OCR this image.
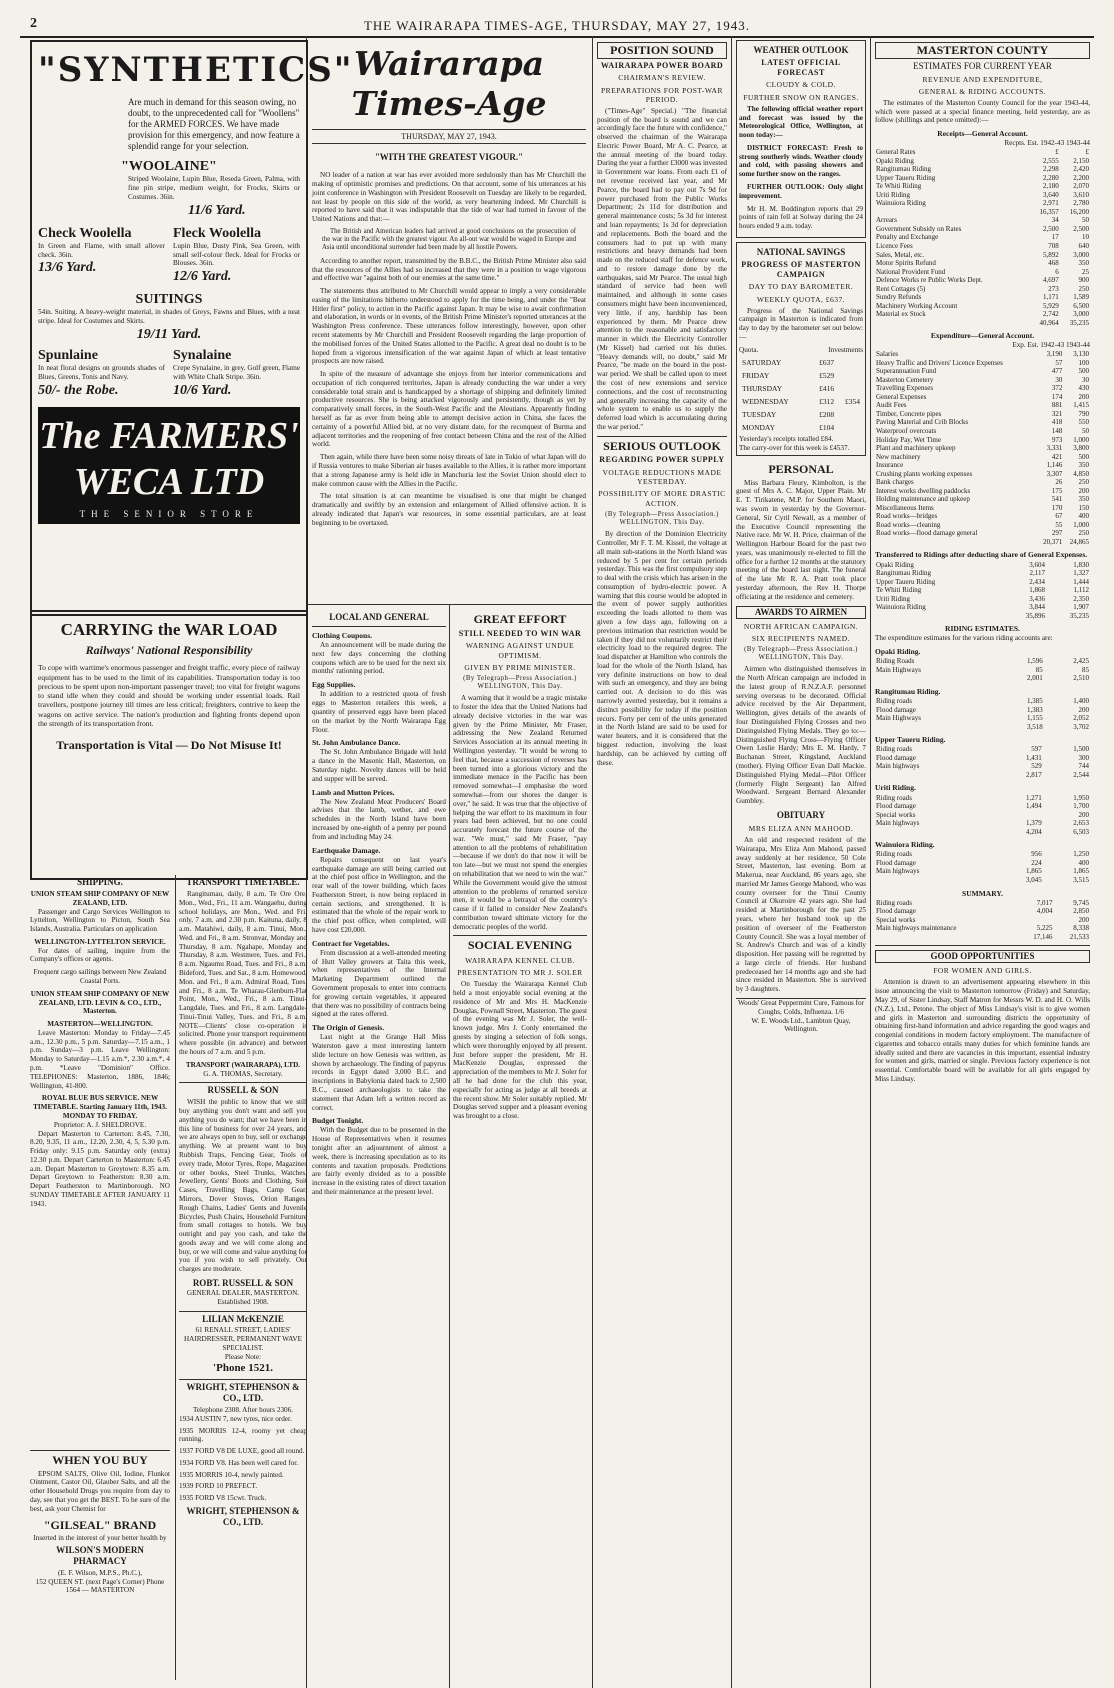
2	THE WAIRARAPA TIMES-AGE, THURSDAY, MAY 27, 1943.
"SYNTHETICS"
Are much in demand for this season owing, no doubt, to the unprecedented call for "Woollens" for the ARMED FORCES. We have made provision for this emergency, and now feature a splendid range for your selection.
"WOOLAINE"
Striped Woolaine, Lupin Blue, Reseda Green, Palma, with fine pin stripe, medium weight, for Frocks, Skirts or Costumes. 36in.
11/6 Yard.
Check Woolella
In Green and Flame, with small allover check. 36in.
13/6 Yard.
Fleck Woolella
Lupin Blue, Dusty Pink, Sea Green, with small self-colour fleck. Ideal for Frocks or Blouses. 36in.
12/6 Yard.
SUITINGS
54in. Suiting. A heavy-weight material, in shades of Greys, Fawns and Blues, with a neat stripe. Ideal for Costumes and Skirts.
19/11 Yard.
Spunlaine
In neat floral designs on grounds shades of Blues, Greens, Tonis and Navy.
50/- the Robe.
Synalaine
Crepe Synalaine, in grey. Golf green, Flame with White Chalk Stripe. 36in.
10/6 Yard.
The FARMERS' WECA LTD
THE SENIOR STORE
CARRYING the WAR LOAD
Railways' National Responsibility
To cope with wartime's enormous passenger and freight traffic, every piece of railway equipment has to be used to the limit of its capabilities. Transportation today is too precious to be spent upon non-important passenger travel; too vital for freight wagons to stand idle when they could and should be working under essential loads. Rail travellers, postpone journey till times are less critical; freighters, contrive to keep the wagons on active service. The nation's production and fighting fronts depend upon the strength of its transportation front.
Transportation is Vital — Do Not Misuse It!
SHIPPING.
UNION STEAM SHIP COMPANY OF NEW ZEALAND, LTD.

Passenger and Cargo Services Wellington to Lyttelton, Wellington to Picton, South Sea Islands, Australia. Particulars on application

WELLINGTON-LYTTELTON SERVICE.

For dates of sailing, inquire from the Company's offices or agents.

Frequent cargo sailings between New Zealand Coastal Ports.
UNION STEAM SHIP COMPANY OF NEW ZEALAND, LTD. LEVIN & CO., LTD., Masterton.
MASTERTON—WELLINGTON.

Leave Masterton: Monday to Friday—7.45 a.m., 12.30 p.m., 5 p.m. Saturday—7.15 a.m., 1 p.m. Sunday—3 p.m. Leave Wellington: Monday to Saturday—1.15 a.m.*, 2.30 a.m.*, 4 p.m. *Leave "Dominion" Office. TELEPHONES: Masterton, 1886, 1846; Wellington, 41-800.

ROYAL BLUE BUS SERVICE. NEW TIMETABLE. Starting January 11th, 1943. MONDAY TO FRIDAY.
Proprietor: A. J. SHELDROVE.

Depart Masterton to Carterton: 8.45, 7.30, 8.20, 9.35, 11 a.m., 12.20, 2.30, 4, 5, 5.30 p.m. Friday only: 9.15 p.m. Saturday only (extra) 12.30 p.m. Depart Carterton to Masterton: 6.45 a.m. Depart Masterton to Greytown: 8.35 a.m. Depart Greytown to Featherston: 8.30 a.m. Depart Featherston to Martinborough. NO SUNDAY TIMETABLE AFTER JANUARY 11 1943.

WHEN YOU BUY

EPSOM SALTS, Olive Oil, Iodine, Flunkot Ointment, Castor Oil, Glauber Salts, and all the other Household Drugs you require from day to day, see that you get the BEST. To be sure of the best, ask your Chemist for

"GILSEAL" BRAND
Inserted in the interest of your better health by
WILSON'S MODERN PHARMACY
(E. F. Wilson, M.P.S., Ph.C.),
152 QUEEN ST. (next Page's Corner) Phone 1564 — MASTERTON
TRANSPORT TIMETABLE.

Rangitumau, daily, 8 a.m. Te Ore Ore, Mon., Wed., Fri., 11 a.m. Wangaehu, during school holidays, are Mon., Wed. and Fri. only, 7 a.m. and 2.30 p.m. Kaituna, daily, 8 a.m. Matahiwi, daily, 8 a.m. Tinui, Mon., Wed. and Fri., 8 a.m. Stronvar, Monday and Thursday, 8 a.m. Ngahape, Monday and Thursday, 8 a.m. Westmere, Tues. and Fri., 8 a.m. Ngaumu Road, Tues. and Fri., 8 a.m. Bideford, Tues. and Sat., 8 a.m. Homewood, Mon. and Fri., 8 a.m. Admiral Road, Tues. and Fri., 8 a.m. Te Wharau-Glenburn-Flat Point, Mon., Wed., Fri., 8 a.m. Tinui-Langdale, Tues. and Fri., 8 a.m. Langdale-Tinui-Tinui Valley, Tues. and Fri., 8 a.m. NOTE—Clients' close co-operation is solicited. Phone your transport requirements where possible (in advance) and between the hours of 7 a.m. and 5 p.m.

TRANSPORT (WAIRARAPA), LTD.
G. A. THOMAS, Secretary.
RUSSELL & SON

WISH the public to know that we still buy anything you don't want and sell you anything you do want; that we have been in this line of business for over 24 years, and we are always open to buy, sell or exchange anything. We at present want to buy Rubbish Traps, Fencing Gear, Tools of every trade, Motor Tyres, Rope, Magazines or other books, Steel Trunks, Watches, Jewellery, Gents' Boots and Clothing, Suit Cases, Travelling Bags, Camp Gear, Mirrors, Dover Stoves, Orion Ranges, Rough Chains, Ladies' Gents and Juvenile Bicycles, Push Chairs, Household Furniture from small cottages to hotels. We buy outright and pay you cash, and take the goods away and we will come along and buy, or we will come and value anything for you if you wish to sell privately. Our charges are moderate.

ROBT. RUSSELL & SON
GENERAL DEALER, MASTERTON. Established 1908.
LILIAN McKENZIE
61 RENALL STREET, LADIES' HAIRDRESSER, PERMANENT WAVE SPECIALIST.
Please Note:
'Phone 1521.
WRIGHT, STEPHENSON & CO., LTD.
Telephone 2308. After hours 2306.
1934 AUSTIN 7, new tyres, nice order.
1935 MORRIS 12-4, roomy yet cheap running.
1937 FORD V8 DE LUXE, good all round.
1934 FORD V8. Has been well cared for.
1935 MORRIS 10-4, newly painted.
1939 FORD 10 PREFECT.
1935 FORD V8 15cwt. Truck.
WRIGHT, STEPHENSON & CO., LTD.
Wairarapa Times-Age
THURSDAY, MAY 27, 1943.
"WITH THE GREATEST VIGOUR."

NO leader of a nation at war has ever avoided more sedulously than has Mr Churchill the making of optimistic promises and predictions. On that account, some of his utterances at his joint conference in Washington with President Roosevelt on Tuesday are likely to be regarded, not least by people on this side of the world, as very heartening indeed. Mr Churchill is reported to have said that it was indisputable that the tide of war had turned in favour of the United Nations and that:—

The British and American leaders had arrived at good conclusions on the prosecution of the war in the Pacific with the greatest vigour. An all-out war would be waged in Europe and Asia until unconditional surrender had been made by all hostile Powers.

According to another report, transmitted by the B.B.C., the British Prime Minister also said that the resources of the Allies had so increased that they were in a position to wage vigorous and effective war "against both of our enemies at the same time."

The statements thus attributed to Mr Churchill would appear to imply a very considerable easing of the limitations hitherto understood to apply for the time being, and under the "Beat Hitler first" policy, to action in the Pacific against Japan. It may be wise to await confirmation and elaboration, in words or in events, of the British Prime Minister's reported utterances at the Washington Press conference. These utterances follow interestingly, however, upon other recent statements by Mr Churchill and President Roosevelt regarding the large proportion of the mobilised forces of the United States allotted to the Pacific. A great deal no doubt is to be hoped from a vigorous intensification of the war against Japan of which at least tentative prospects are now raised.

In spite of the measure of advantage she enjoys from her interior communications and occupation of rich conquered territories, Japan is already conducting the war under a very considerable total strain and is handicapped by a shortage of shipping and definitely limited productive resources. She is being attacked vigorously and persistently, though as yet by comparatively small forces, in the South-West Pacific and the Aleutians. Apparently finding herself as far as ever from being able to attempt decisive action in China, she faces the certainty of a powerful Allied bid, at no very distant date, for the reconquest of Burma and adjacent territories and the reopening of free contact between China and the rest of the Allied world.

Then again, while there have been some noisy threats of late in Tokio of what Japan will do if Russia ventures to make Siberian air bases available to the Allies, it is rather more important that a strong Japanese army is held idle in Manchuria lest the Soviet Union should elect to make common cause with the Allies in the Pacific.

The total situation is at can meantime be visualised is one that might be changed dramatically and swiftly by an extension and enlargement of Allied offensive action. It is already indicated that Japan's war resources, in some essential particulars, are at least beginning to be overtaxed.

LOCAL AND GENERAL
Clothing Coupons.

An announcement will be made during the next few days concerning the clothing coupons which are to be used for the next six months' rationing period.

Egg Supplies.

In addition to a restricted quota of fresh eggs to Masterton retailers this week, a quantity of preserved eggs have been placed on the market by the North Wairarapa Egg Floor.

St. John Ambulance Dance.

The St. John Ambulance Brigade will hold a dance in the Masonic Hall, Masterton, on Saturday night. Novelty dances will be held and supper will be served.

Lamb and Mutton Prices.

The New Zealand Meat Producers' Board advises that the lamb, wether, and ewe schedules in the North Island have been increased by one-eighth of a penny per pound from and including May 24.

Earthquake Damage.

Repairs consequent on last year's earthquake damage are still being carried out at the chief post office in Wellington, and the rear wall of the tower building, which faces Featherston Street, is now being replaced in certain sections, and strengthened. It is estimated that the whole of the repair work to the chief post office, when completed, will have cost £20,000.

Contract for Vegetables.

From discussion at a well-attended meeting of Hutt Valley growers at Taita this week, when representatives of the Internal Marketing Department outlined the Government proposals to enter into contracts for growing certain vegetables, it appeared that there was no possibility of contracts being signed at the rates offered.

The Origin of Genesis.

Last night at the Grange Hall Miss Waterston gave a most interesting lantern slide lecture on how Genesis was written, as shown by archaeology. The finding of papyrus records in Egypt dated 3,000 B.C. and inscriptions in Babylonia dated back to 2,500 B.C., caused archaeologists to take the statement that Adam left a written record as correct.

Budget Tonight.

With the Budget due to be presented in the House of Representatives when it resumes tonight after an adjournment of almost a week, there is increasing speculation as to its contents and taxation proposals. Predictions are fairly evenly divided as to a possible increase in the existing rates of direct taxation and their maintenance at the present level.

GREAT EFFORT
STILL NEEDED TO WIN WAR
WARNING AGAINST UNDUE OPTIMISM.
GIVEN BY PRIME MINISTER.
(By Telegraph—Press Association.) WELLINGTON, This Day.

A warning that it would be a tragic mistake to foster the idea that the United Nations had already decisive victories in the war was given by the Prime Minister, Mr Fraser, addressing the New Zealand Returned Services Association at its annual meeting in Wellington yesterday. "It would be wrong to feel that, because a succession of reverses has been turned into a glorious victory and the immediate menace in the Pacific has been removed somewhat—I emphasise the word somewhat—from our shores the danger is over," he said. It was true that the objective of helping the war effort to its maximum in four years had been achieved, but no one could accurately forecast the future course of the war. "We must," said Mr Fraser, "pay attention to all the problems of rehabilitation—because if we don't do that now it will be too late—but we must not spend the energies on rehabilitation that we need to win the war." While the Government would give the utmost attention to the problems of returned service men, it would be a betrayal of the country's cause if it failed to consider New Zealand's contribution toward ultimate victory for the democratic peoples of the world.

SOCIAL EVENING
WAIRARAPA KENNEL CLUB.
PRESENTATION TO MR J. SOLER

On Tuesday the Wairarapa Kennel Club held a most enjoyable social evening at the residence of Mr and Mrs H. MacKenzie Douglas, Pownall Street, Masterton. The guest of the evening was Mr J. Soler, the well-known judge. Mrs J. Conly entertained the guests by singing a selection of folk songs, which were thoroughly enjoyed by all present. Just before supper the president, Mr H. MacKenzie Douglas, expressed the appreciation of the members to Mr J. Soler for all he had done for the club this year, especially for acting as judge at all breeds at the recent show. Mr Soler suitably replied. Mr Douglas served supper and a pleasant evening was brought to a close.

POSITION SOUND
WAIRARAPA POWER BOARD
CHAIRMAN'S REVIEW.
PREPARATIONS FOR POST-WAR PERIOD.

("Times-Age" Special.) "The financial position of the board is sound and we can accordingly face the future with confidence," observed the chairman of the Wairarapa Electric Power Board, Mr A. C. Pearce, at the annual meeting of the board today. During the year a further £3000 was invested in Government war loans. From each £1 of net revenue received last year, and Mr Pearce, the board had to pay out 7s 9d for power purchased from the Public Works Department; 2s 11d for distribution and general maintenance costs; 5s 3d for interest and loan repayments; 1s 3d for depreciation and replacements. Both the board and the consumers had to put up with many restrictions and heavy demands had been made on the reduced staff for defence work, and to restore damage done by the earthquakes, said Mr Pearce. The usual high standard of service had been well maintained, and although in some cases consumers might have been inconvenienced, very little, if any, hardship has been experienced by them. Mr Pearce drew attention to the reasonable and satisfactory manner in which the Electricity Controller (Mr Kissel) had carried out his duties. "Heavy demands will, no doubt," said Mr Pearce, "be made on the board in the post-war period. We shall be called upon to meet the cost of new extensions and service connections, and the cost of reconstructing and generally increasing the capacity of the whole system to enable us to supply the deferred load which is accumulating during the war period."

SERIOUS OUTLOOK
REGARDING POWER SUPPLY
VOLTAGE REDUCTIONS MADE YESTERDAY.
POSSIBILITY OF MORE DRASTIC ACTION.
(By Telegraph—Press Association.) WELLINGTON, This Day.

By direction of the Dominion Electricity Controller, Mr F. T. M. Kissel, the voltage at all main sub-stations in the North Island was reduced by 5 per cent for certain periods yesterday. This was the first compulsory step to deal with the crisis which has arisen in the consumption of hydro-electric power. A warning that this course would be adopted in the event of power supply authorities exceeding the loads allotted to them was given a few days ago, following on a previous intimation that restriction would be taken if they did not voluntarily restrict their electricity load to the required degree. The load dispatcher at Hamilton who controls the load for the whole of the North Island, has very definite instructions on how to deal with such an emergency, and they are being carried out. A decision to do this was narrowly averted yesterday, but it remains a distinct possibility for today if the position recurs. Forty per cent of the units generated in the North Island are said to be used for water heaters, and it is considered that the biggest reduction, involving the least hardship, can be achieved by cutting off these.

WEATHER OUTLOOK
LATEST OFFICIAL FORECAST
CLOUDY & COLD.
FURTHER SNOW ON RANGES.

The following official weather report and forecast was issued by the Meteorological Office, Wellington, at noon today:—

DISTRICT FORECAST: Fresh to strong southerly winds. Weather cloudy and cold, with passing showers and some further snow on the ranges.

FURTHER OUTLOOK: Only slight improvement.

Mr H. M. Boddington reports that 29 points of rain fell at Solway during the 24 hours ended 9 a.m. today.

NATIONAL SAVINGS
PROGRESS OF MASTERTON CAMPAIGN
DAY TO DAY BAROMETER.
WEEKLY QUOTA, £637.

Progress of the National Savings campaign in Masterton is indicated from day to day by the barometer set out below:—

Quota.	Investments
SATURDAY	£637	
FRIDAY	£529	
THURSDAY	£416	
WEDNESDAY	£312	£354
TUESDAY	£208	
MONDAY	£104	
Yesterday's receipts totalled £84.
The carry-over for this week is £4537.
PERSONAL

Miss Barbara Fleury, Kimbolton, is the guest of Mrs A. C. Major, Upper Plain. Mr E. T. Tirikatene, M.P. for Southern Maori, was sworn in yesterday by the Governor-General, Sir Cyril Newall, as a member of the Executive Council representing the Native race. Mr W. H. Price, chairman of the Wellington Harbour Board for the past two years, was unanimously re-elected to fill the office for a further 12 months at the statutory meeting of the board last night. The funeral of the late Mr R. A. Pratt took place yesterday afternoon, the Rev H. Thorpe officiating at the residence and cemetery.

AWARDS TO AIRMEN
NORTH AFRICAN CAMPAIGN.
SIX RECIPIENTS NAMED.
(By Telegraph—Press Association.) WELLINGTON, This Day.

Airmen who distinguished themselves in the North African campaign are included in the latest group of R.N.Z.A.F. personnel serving overseas to be decorated. Official advice received by the Air Department, Wellington, gives details of the awards of four Distinguished Flying Crosses and two Distinguished Flying Medals. They go to:— Distinguished Flying Cross—Flying Officer Owen Leslie Hardy; Mrs E. M. Hardy, 7 Buchanan Street, Kingsland, Auckland (mother). Flying Officer Evan Dall Mackie. Distinguished Flying Medal—Pilot Officer (formerly Flight Sergeant) Ian Alfred Woodward. Sergeant Bernard Alexander Gumbley.

OBITUARY
MRS ELIZA ANN MAHOOD.

An old and respected resident of the Wairarapa, Mrs Eliza Ann Mahood, passed away suddenly at her residence, 50 Cole Street, Masterton, last evening. Born at Makerua, near Auckland, 86 years ago, she married Mr James George Mahood, who was county overseer for the Tinui County Council at Okoroire 42 years ago. She had resided at Martinborough for the past 25 years, where her husband took up the position of overseer of the Featherston County Council. She was a loyal member of St. Andrew's Church and was of a kindly disposition. Her passing will be regretted by a large circle of friends. Her husband predeceased her 14 months ago and she had since resided in Masterton. She is survived by 3 daughters.

Woods' Great Peppermint Cure, Famous for Coughs, Colds, Influenza. 1/6
W. E. Woods Ltd., Lambton Quay, Wellington.
MASTERTON COUNTY
ESTIMATES FOR CURRENT YEAR
REVENUE AND EXPENDITURE,
GENERAL & RIDING ACCOUNTS.

The estimates of the Masterton County Council for the year 1943-44, which were passed at a special finance meeting, held yesterday, are as follow (shillings and pence omitted):—

Receipts—General Account.
Recpts. Est. 1942-43 1943-44
General Rates	£	£
Opaki Riding	2,555	2,150
Rangitumau Riding	2,298	2,420
Upper Taueru Riding	2,280	2,200
Te Whiti Riding	2,180	2,070
Uriti Riding	3,640	3,610
Wainuiora Riding	2,971	2,780
	16,357	16,200
Arrears	34	50
Government Subsidy on Rates	2,500	2,500
Penalty and Exchange	17	10
Licence Fees	708	640
Sales, Metal, etc.	5,892	3,000
Motor Spirits Refund	468	350
National Provident Fund	6	25
Defence Works re Public Works Dept.	4,697	900
Rent Cottages (5)	273	250
Sundry Refunds	1,171	1,589
Machinery Working Account	5,929	6,500
Material ex Stock	2,742	3,000
	40,964	35,235
Expenditure—General Account.
Exp. Est. 1942-43 1943-44
Salaries	3,190	3,130
Heavy Traffic and Drivers' Licence Expenses	57	100
Superannuation Fund	477	500
Masterton Cemetery	30	30
Travelling Expenses	372	430
General Expenses	174	200
Audit Fees	881	1,415
Timber, Concrete pipes	321	790
Paving Material and Crib Blocks	418	550
Waterproof overcoats	148	50
Holiday Pay, Wet Time	973	1,000
Plant and machinery upkeep	3,331	3,800
New machinery	421	500
Insurance	1,146	350
Crushing plants working expenses	3,307	4,850
Bank charges	26	250
Interest works dwelling paddocks	175	200
Holding maintenance and upkeep	541	350
Miscellaneous Items	170	150
Road works—bridges	67	400
Road works—cleaning	55	1,000
Road works—flood damage general	297	250
	20,371	24,865
Transferred to Ridings after deducting share of General Expenses.
Opaki Riding	3,604	1,830
Rangitumau Riding	2,117	1,327
Upper Taueru Riding	2,434	1,444
Te Whiti Riding	1,868	1,112
Uriti Riding	3,436	2,350
Wainuiora Riding	3,844	1,907
	35,896	35,235
RIDING ESTIMATES.
The expenditure estimates for the various riding accounts are:
Opaki Riding.
Riding Roads	1,596	2,425
Main Highways	85	85
	2,001	2,510
Rangitumau Riding.
Riding roads	1,385	1,400
Flood damage	1,383	200
Main Highways	1,155	2,052
	3,518	3,702
Upper Taueru Riding.
Riding roads	597	1,500
Flood damage	1,431	300
Main highways	529	744
	2,817	2,544
Uriti Riding.
Riding roads	1,271	1,950
Flood damage	1,494	1,700
Special works		200
Main highways	1,379	2,653
	4,204	6,503
Wainuiora Riding.
Riding roads	956	1,250
Flood damage	224	400
Main highways	1,865	1,865
	3,045	3,515
SUMMARY.
Riding roads	7,017	9,745
Flood damage	4,004	2,850
Special works		200
Main highways maintenance	5,225	8,338
	17,146	21,533
GOOD OPPORTUNITIES
FOR WOMEN AND GIRLS.

Attention is drawn to an advertisement appearing elsewhere in this issue announcing the visit to Masterton tomorrow (Friday) and Saturday, May 29, of Sister Lindsay, Staff Matron for Messrs W. D. and H. O. Wills (N.Z.), Ltd., Petone. The object of Miss Lindsay's visit is to give women and girls in Masterton and surrounding districts the opportunity of obtaining first-hand information and advice regarding the good wages and congenial conditions in modern factory employment. The manufacture of cigarettes and tobacco entails many duties for which feminine hands are ideally suited and there are vacancies in this important, essential industry for women and girls, married or single. Previous factory experience is not essential. Comfortable board will be available for all girls engaged by Miss Lindsay.
